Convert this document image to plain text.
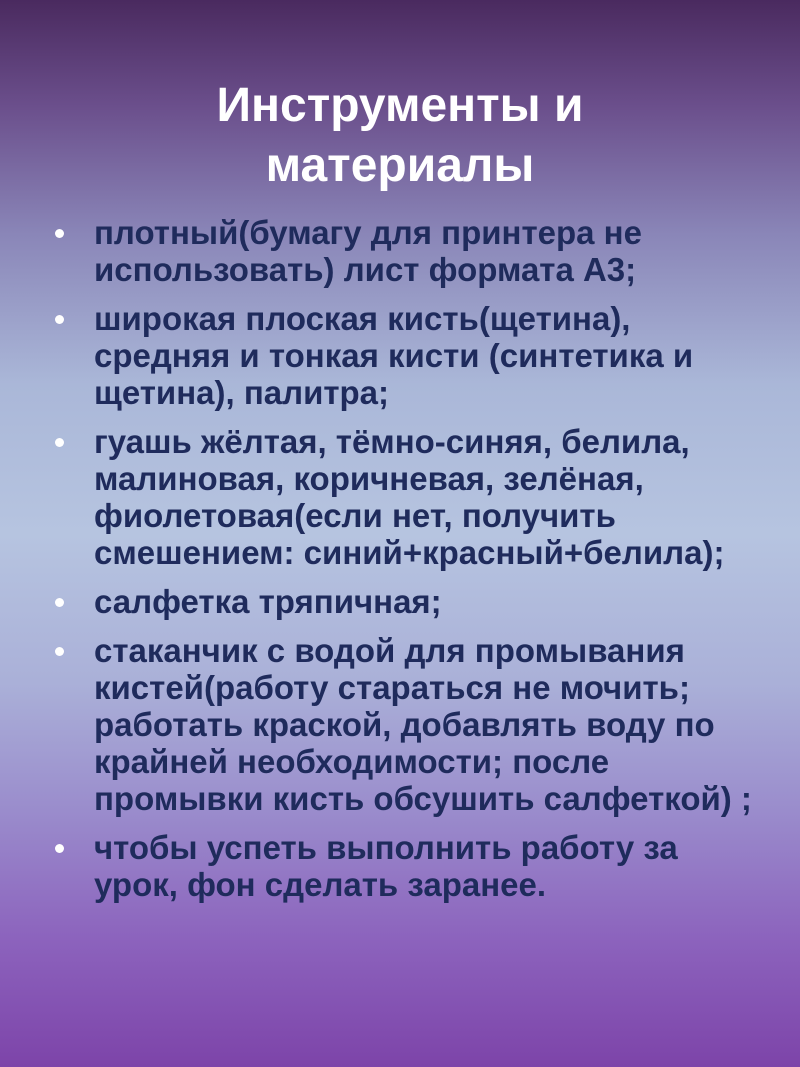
Инструменты и
материалы
плотный(бумагу для принтера не использовать) лист формата А3;
широкая плоская кисть(щетина), средняя и тонкая кисти (синтетика и щетина), палитра;
гуашь жёлтая, тёмно-синяя, белила, малиновая, коричневая, зелёная, фиолетовая(если нет, получить смешением: синий+красный+белила);
салфетка тряпичная;
стаканчик с водой для промывания кистей(работу стараться не мочить; работать краской, добавлять воду по крайней необходимости; после промывки кисть обсушить салфеткой) ;
чтобы успеть выполнить работу за урок, фон сделать заранее.
